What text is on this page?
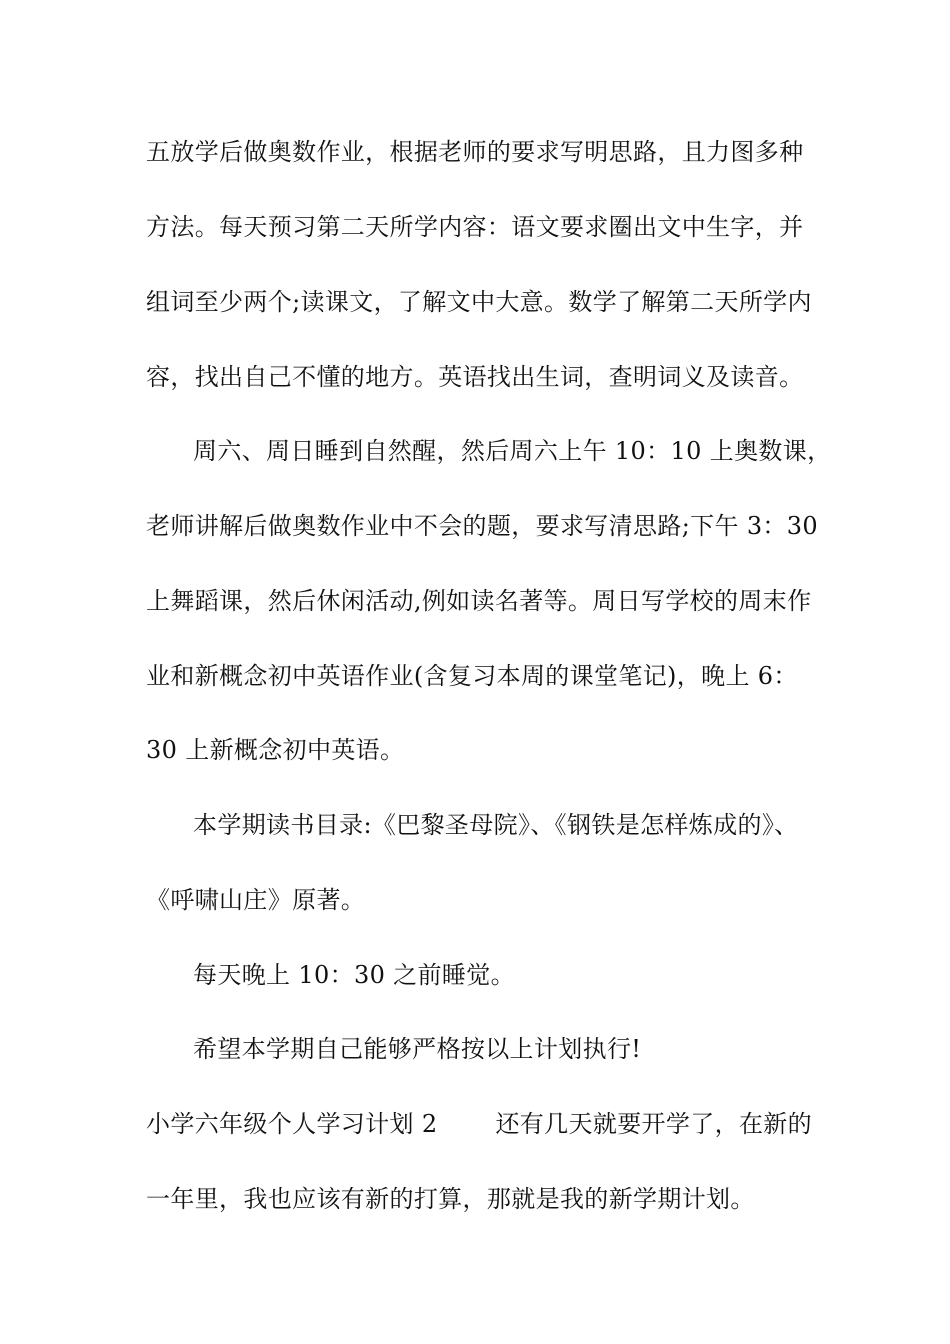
五放学后做奥数作业，根据老师的要求写明思路，且力图多种
方法。每天预习第二天所学内容：语文要求圈出文中生字，并
组词至少两个;读课文，了解文中大意。数学了解第二天所学内
容，找出自己不懂的地方。英语找出生词，查明词义及读音。
周六、周日睡到自然醒，然后周六上午 10：10 上奥数课，
老师讲解后做奥数作业中不会的题，要求写清思路;下午 3：30
上舞蹈课，然后休闲活动,例如读名著等。周日写学校的周末作
业和新概念初中英语作业(含复习本周的课堂笔记)，晚上 6：
30 上新概念初中英语。
本学期读书目录:《巴黎圣母院》、《钢铁是怎样炼成的》、
《呼啸山庄》原著。
每天晚上 10：30 之前睡觉。
希望本学期自己能够严格按以上计划执行!
小学六年级个人学习计划 2 还有几天就要开学了，在新的
一年里，我也应该有新的打算，那就是我的新学期计划。
